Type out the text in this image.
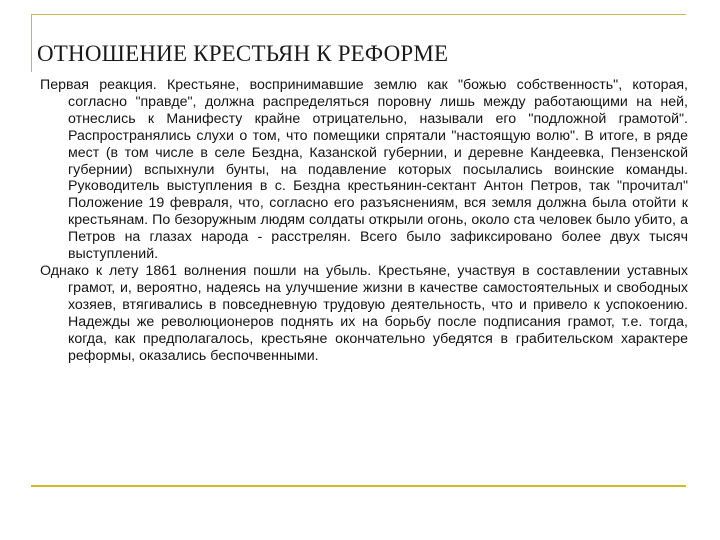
ОТНОШЕНИЕ КРЕСТЬЯН К РЕФОРМЕ

Первая реакция. Крестьяне, воспринимавшие землю как "божью собственность", которая, согласно "правде", должна распределяться поровну лишь между работающими на ней, отнеслись к Манифесту крайне отрицательно, называли его "подложной грамотой". Распространялись слухи о том, что помещики спрятали "настоящую волю". В итоге, в ряде мест (в том числе в селе Бездна, Казанской губернии, и деревне Кандеевка, Пензенской губернии) вспыхнули бунты, на подавление которых посылались воинские команды. Руководитель выступления в с. Бездна крестьянин-сектант Антон Петров, так "прочитал" Положение 19 февраля, что, согласно его разъяснениям, вся земля должна была отойти к крестьянам. По безоружным людям солдаты открыли огонь, около ста человек было убито, а Петров на глазах народа - расстрелян. Всего было зафиксировано более двух тысяч выступлений.

Однако к лету 1861 волнения пошли на убыль. Крестьяне, участвуя в составлении уставных грамот, и, вероятно, надеясь на улучшение жизни в качестве самостоятельных и свободных хозяев, втягивались в повседневную трудовую деятельность, что и привело к успокоению. Надежды же революционеров поднять их на борьбу после подписания грамот, т.е. тогда, когда, как предполагалось, крестьяне окончательно убедятся в грабительском характере реформы, оказались беспочвенными.
